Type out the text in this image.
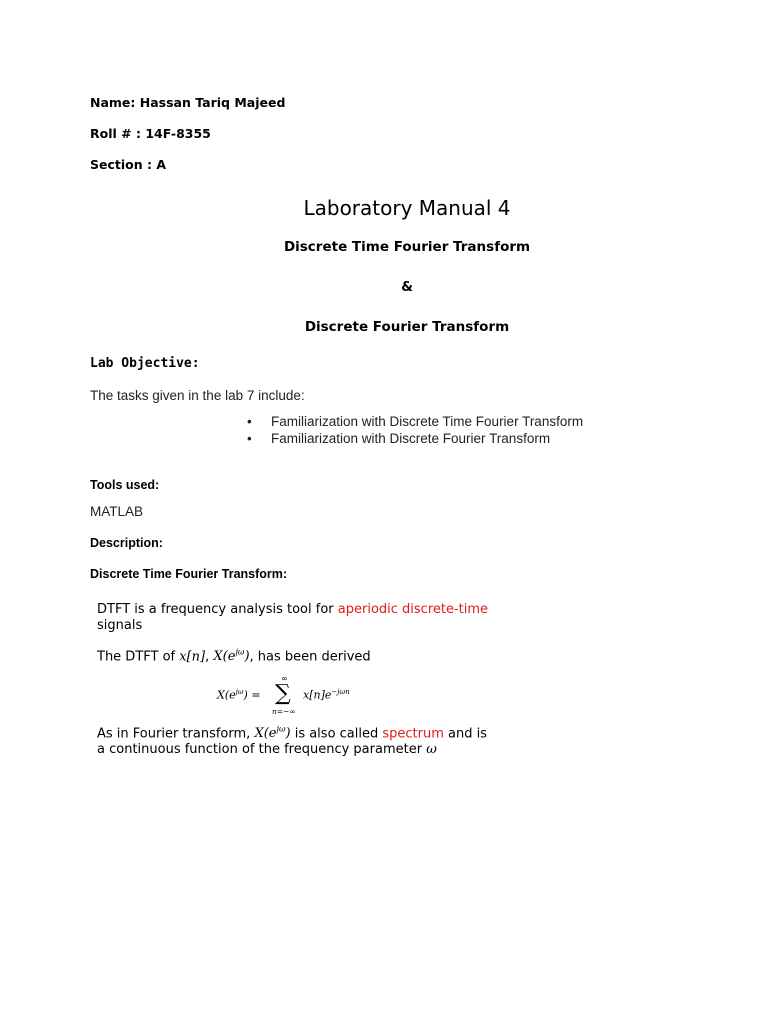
Name: Hassan Tariq Majeed
Roll # : 14F-8355
Section : A
Laboratory Manual 4
Discrete Time Fourier Transform
&
Discrete Fourier Transform
Lab Objective:
The tasks given in the lab 7 include:
• Familiarization with Discrete Time Fourier Transform
• Familiarization with Discrete Fourier Transform
Tools used:
MATLAB
Description:
Discrete Time Fourier Transform:
DTFT is a frequency analysis tool for aperiodic discrete-time
signals
The DTFT of x[n], $X(e^{j\omega})$, has been derived
$X(e^{j\omega})$ =
∞
∑
n=−∞
$x[n]e^{-j\omega n}$
As in Fourier transform, $X(e^{j\omega})$ is also called spectrum and is
a continuous function of the frequency parameter ω
